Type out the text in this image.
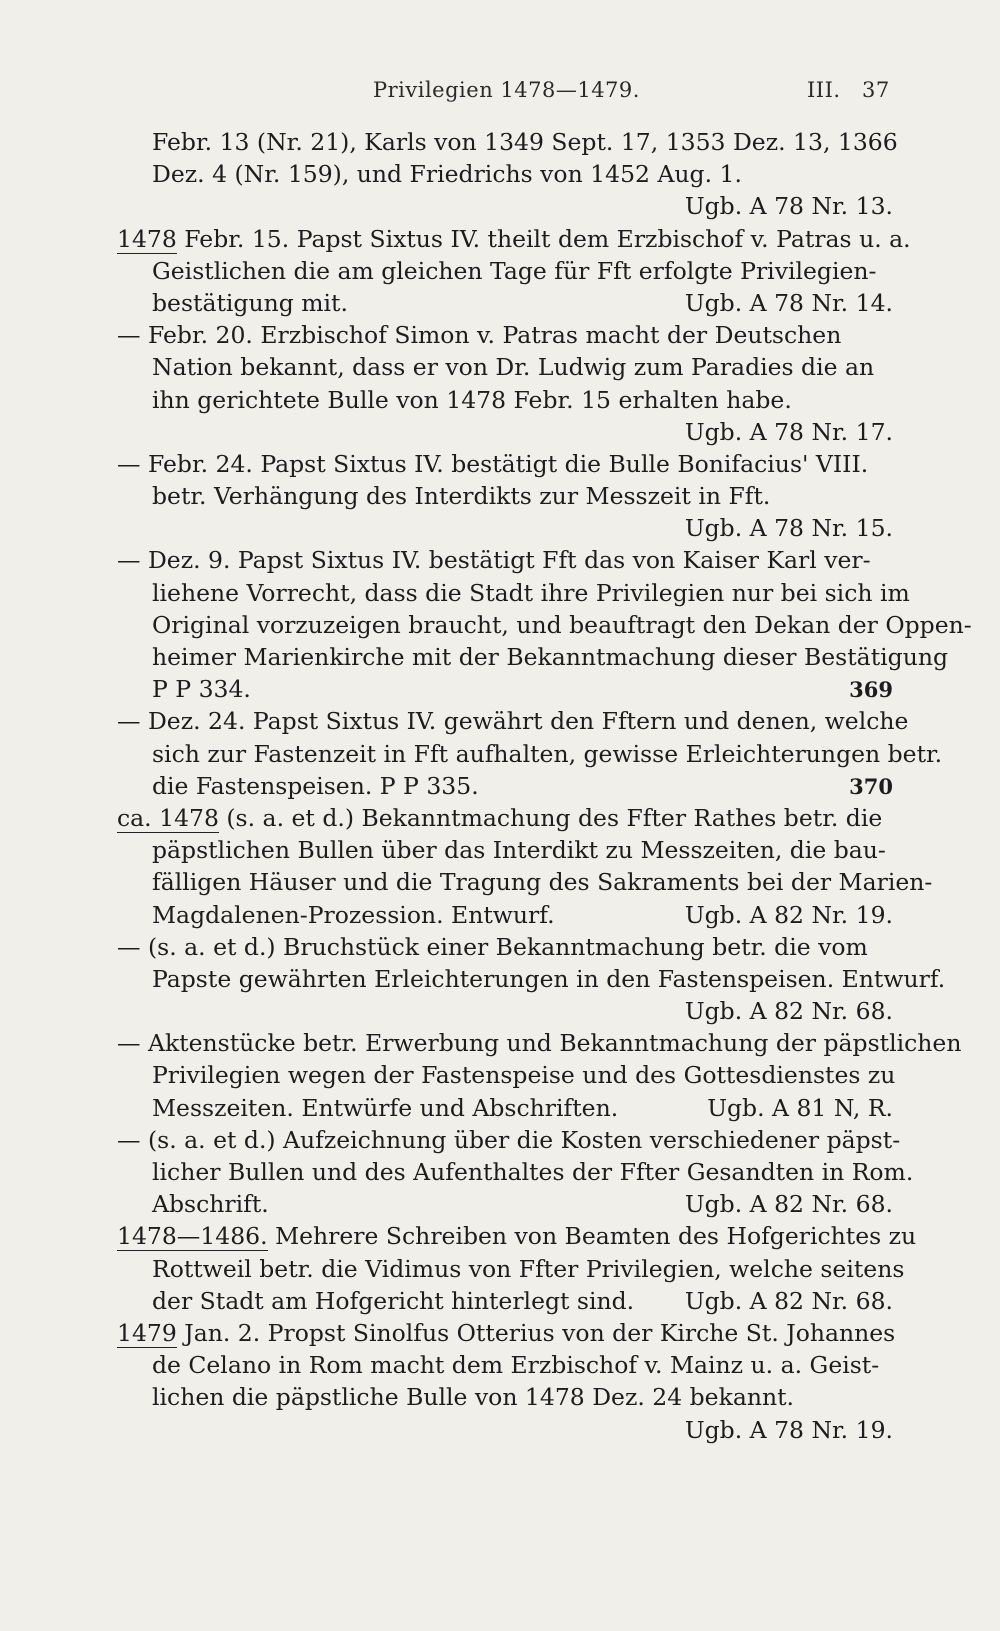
Privilegien 1478—1479.	III. 37
Febr. 13 (Nr. 21), Karls von 1349 Sept. 17, 1353 Dez. 13, 1366
Dez. 4 (Nr. 159), und Friedrichs von 1452 Aug. 1.
Ugb. A 78 Nr. 13.
1478 Febr. 15. Papst Sixtus IV. theilt dem Erzbischof v. Patras u. a.
Geistlichen die am gleichen Tage für Fft erfolgte Privilegien-
bestätigung mit.	Ugb. A 78 Nr. 14.
— Febr. 20. Erzbischof Simon v. Patras macht der Deutschen
Nation bekannt, dass er von Dr. Ludwig zum Paradies die an
ihn gerichtete Bulle von 1478 Febr. 15 erhalten habe.
Ugb. A 78 Nr. 17.
— Febr. 24. Papst Sixtus IV. bestätigt die Bulle Bonifacius' VIII.
betr. Verhängung des Interdikts zur Messzeit in Fft.
Ugb. A 78 Nr. 15.
— Dez. 9. Papst Sixtus IV. bestätigt Fft das von Kaiser Karl ver-
liehene Vorrecht, dass die Stadt ihre Privilegien nur bei sich im
Original vorzuzeigen braucht, und beauftragt den Dekan der Oppen-
heimer Marienkirche mit der Bekanntmachung dieser Bestätigung
P P 334.	369
— Dez. 24. Papst Sixtus IV. gewährt den Fftern und denen, welche
sich zur Fastenzeit in Fft aufhalten, gewisse Erleichterungen betr.
die Fastenspeisen. P P 335.	370
ca. 1478 (s. a. et d.) Bekanntmachung des Ffter Rathes betr. die
päpstlichen Bullen über das Interdikt zu Messzeiten, die bau-
fälligen Häuser und die Tragung des Sakraments bei der Marien-
Magdalenen-Prozession. Entwurf.	Ugb. A 82 Nr. 19.
— (s. a. et d.) Bruchstück einer Bekanntmachung betr. die vom
Papste gewährten Erleichterungen in den Fastenspeisen. Entwurf.
Ugb. A 82 Nr. 68.
— Aktenstücke betr. Erwerbung und Bekanntmachung der päpstlichen
Privilegien wegen der Fastenspeise und des Gottesdienstes zu
Messzeiten. Entwürfe und Abschriften.	Ugb. A 81 N, R.
— (s. a. et d.) Aufzeichnung über die Kosten verschiedener päpst-
licher Bullen und des Aufenthaltes der Ffter Gesandten in Rom.
Abschrift.	Ugb. A 82 Nr. 68.
1478—1486. Mehrere Schreiben von Beamten des Hofgerichtes zu
Rottweil betr. die Vidimus von Ffter Privilegien, welche seitens
der Stadt am Hofgericht hinterlegt sind. Ugb. A 82 Nr. 68.
1479 Jan. 2. Propst Sinolfus Otterius von der Kirche St. Johannes
de Celano in Rom macht dem Erzbischof v. Mainz u. a. Geist-
lichen die päpstliche Bulle von 1478 Dez. 24 bekannt.
Ugb. A 78 Nr. 19.
